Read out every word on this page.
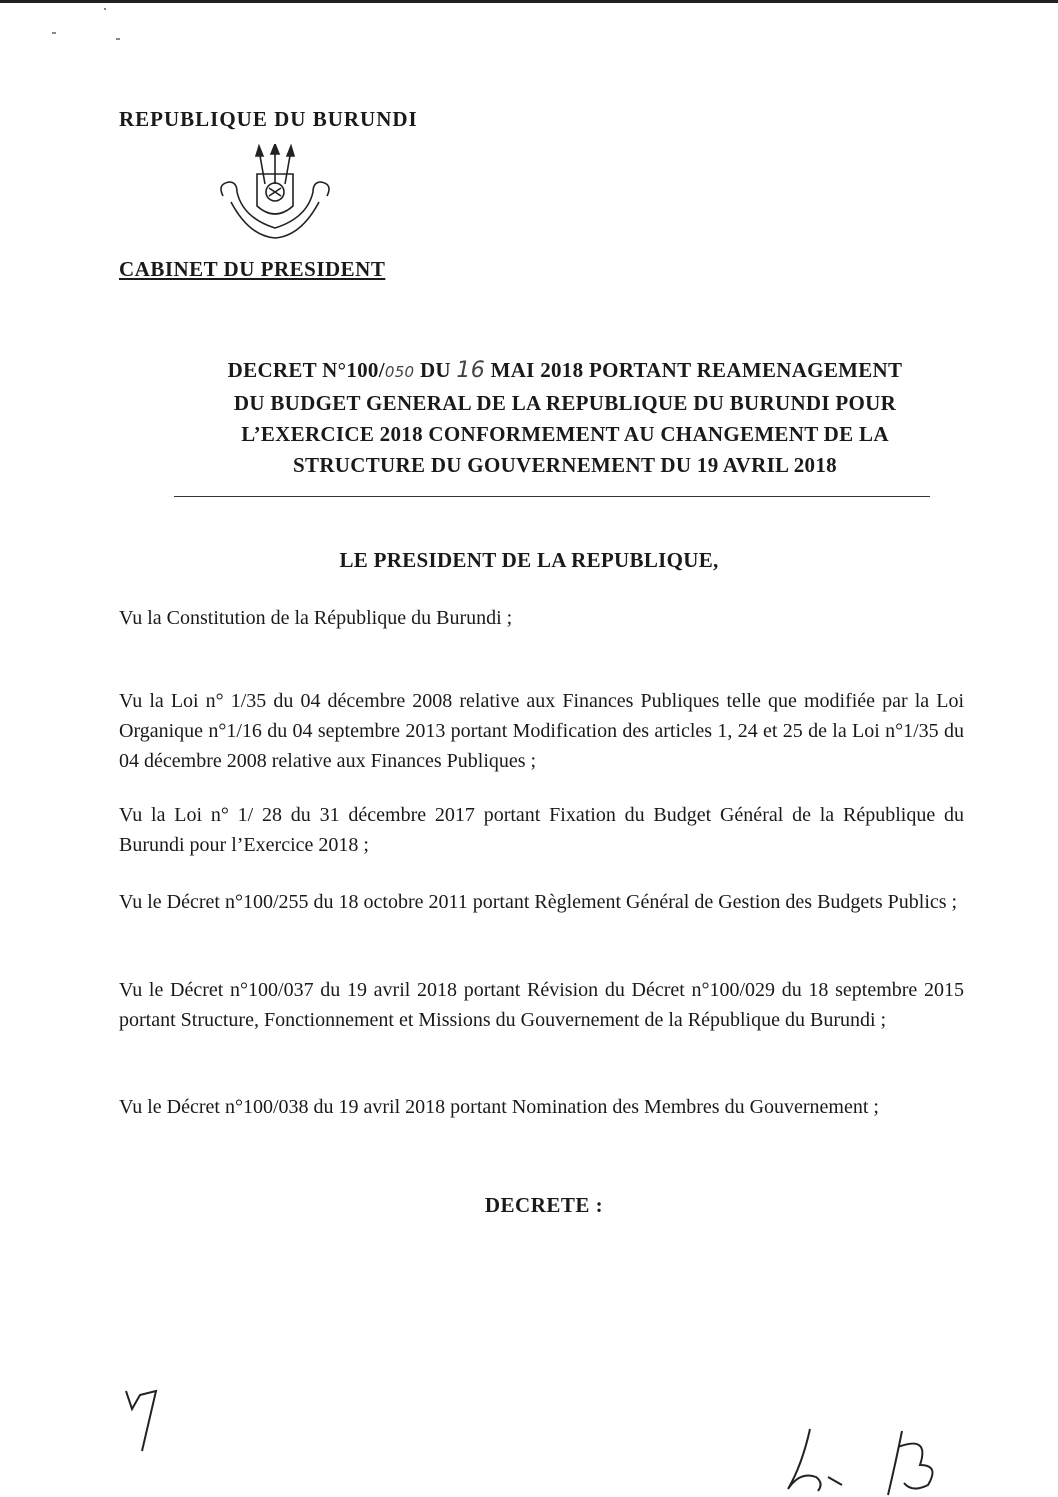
REPUBLIQUE DU BURUNDI
CABINET DU PRESIDENT
DECRET N°100/050 DU 16 MAI 2018 PORTANT REAMENAGEMENT
DU BUDGET GENERAL DE LA REPUBLIQUE DU BURUNDI POUR
L’EXERCICE 2018 CONFORMEMENT AU CHANGEMENT DE LA
STRUCTURE DU GOUVERNEMENT DU 19 AVRIL 2018
LE PRESIDENT DE LA REPUBLIQUE,
Vu la Constitution de la République du Burundi ;
Vu la Loi n° 1/35 du 04 décembre 2008 relative aux Finances Publiques telle que modifiée par la Loi Organique n°1/16 du 04 septembre 2013 portant Modification des articles 1, 24 et 25 de la Loi n°1/35 du 04 décembre 2008 relative aux Finances Publiques ;
Vu la Loi n° 1/ 28 du 31 décembre 2017 portant Fixation du Budget Général de la République du Burundi pour l’Exercice 2018 ;
Vu le Décret n°100/255 du 18 octobre 2011 portant Règlement Général de Gestion des Budgets Publics ;
Vu le Décret n°100/037 du 19 avril 2018 portant Révision du Décret n°100/029 du 18 septembre 2015 portant Structure, Fonctionnement et Missions du Gouvernement de la République du Burundi ;
Vu le Décret n°100/038 du 19 avril 2018 portant Nomination des Membres du Gouvernement ;
DECRETE :
